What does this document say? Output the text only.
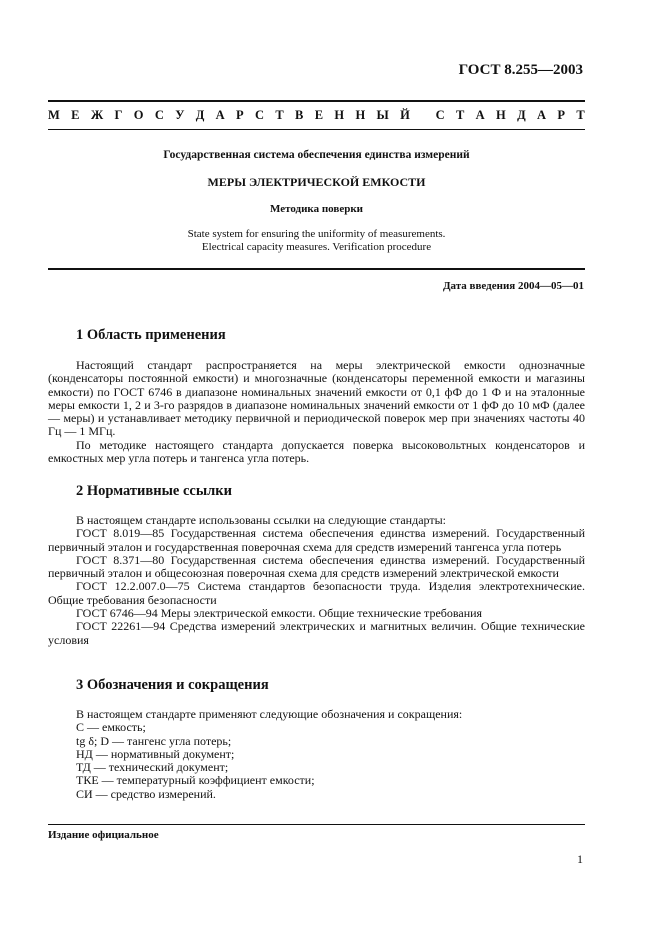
ГОСТ 8.255—2003
М Е Ж Г О С У Д А Р С Т В Е Н Н Ы Й
С Т А Н Д А Р Т
Государственная система обеспечения единства измерений
МЕРЫ ЭЛЕКТРИЧЕСКОЙ ЕМКОСТИ
Методика поверки
State system for ensuring the uniformity of measurements.
Electrical capacity measures. Verification procedure
Дата введения 2004—05—01
1 Область применения

Настоящий стандарт распространяется на меры электрической емкости однозначные (конденсаторы постоянной емкости) и многозначные (конденсаторы переменной емкости и магазины емкости) по ГОСТ 6746 в диапазоне номинальных значений емкости от 0,1 фФ до 1 Ф и на эталонные меры емкости 1, 2 и 3-го разрядов в диапазоне номинальных значений емкости от 1 фФ до 10 мФ (далее — меры) и устанавливает методику первичной и периодической поверок мер при значениях частоты 40 Гц — 1 МГц.

По методике настоящего стандарта допускается поверка высоковольтных конденсаторов и емкостных мер угла потерь и тангенса угла потерь.

2 Нормативные ссылки

В настоящем стандарте использованы ссылки на следующие стандарты:

ГОСТ 8.019—85 Государственная система обеспечения единства измерений. Государственный первичный эталон и государственная поверочная схема для средств измерений тангенса угла потерь

ГОСТ 8.371—80 Государственная система обеспечения единства измерений. Государственный первичный эталон и общесоюзная поверочная схема для средств измерений электрической емкости

ГОСТ 12.2.007.0—75 Система стандартов безопасности труда. Изделия электротехнические. Общие требования безопасности

ГОСТ 6746—94 Меры электрической емкости. Общие технические требования

ГОСТ 22261—94 Средства измерений электрических и магнитных величин. Общие технические условия

3 Обозначения и сокращения

В настоящем стандарте применяют следующие обозначения и сокращения:

C — емкость;

tg δ; D — тангенс угла потерь;

НД — нормативный документ;

ТД — технический документ;

ТКЕ — температурный коэффициент емкости;

СИ — средство измерений.

Издание официальное
1
